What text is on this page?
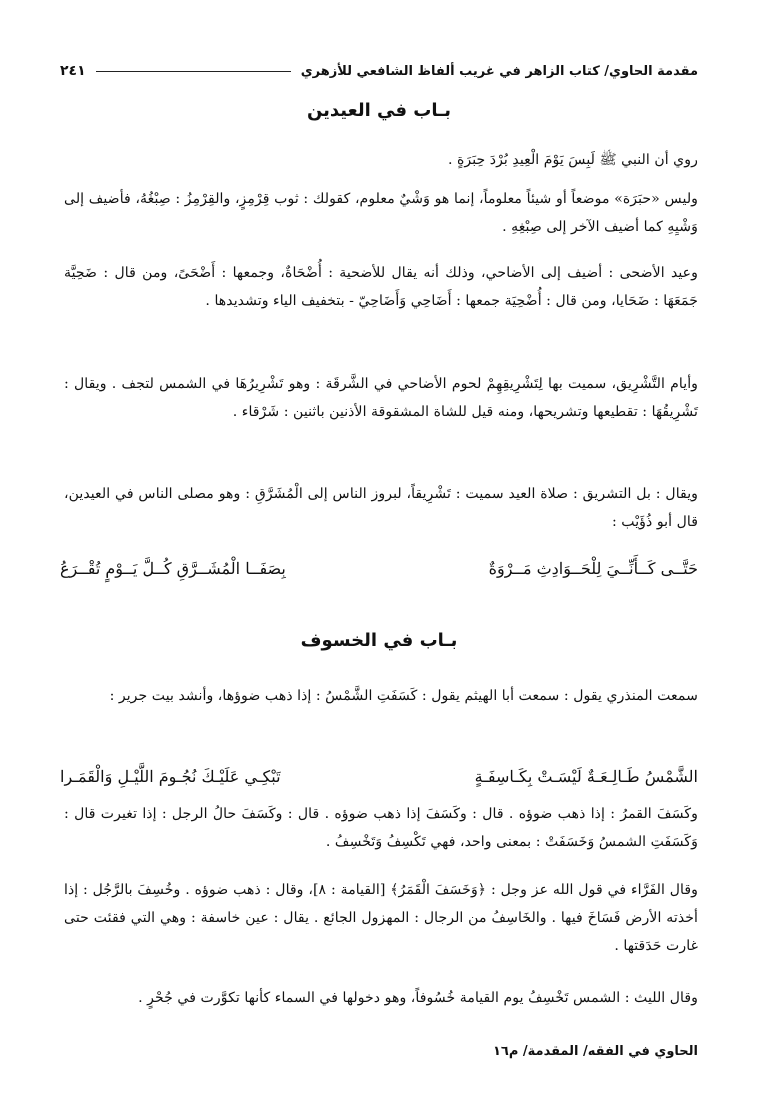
مقدمة الحاوي/ كتاب الزاهر في غريب ألفاظ الشافعي للأزهري
٢٤١
بـاب في العيدين

روي أن النبي ﷺ لَبِسَ يَوْمَ الْعِيدِ بُرْدَ حِبَرَةٍ .

وليس «حبَرَة» موضعاً أو شيئاً معلوماً، إنما هو وَشْيٌ معلوم، كقولك : ثوب قِرْمِزٍ، والقِرْمِزُ : صِبْغُهُ، فأضيف إلى وَشْيِهِ كما أضيف الآخر إلى صِبْغِهِ .

وعيد الأضحى : أضيف إلى الأضاحي، وذلك أنه يقال للأضحية : أُضْحَاةٌ، وجمعها : أَضْحَىً، ومن قال : ضَحِيَّة جَمَعَهَا : ضَحَايا، ومن قال : أُضْحِيَة جمعها : أَضَاحِي وَأَضَاحِيّ - بتخفيف الياء وتشديدها .

وأيام التَّشْرِيق، سميت بها لِتَشْرِيقِهِمْ لحوم الأضاحي في الشَّرقَة : وهو تَشْرِيرُهَا في الشمس لتجف . ويقال : تَشْرِيقُهَا : تقطيعها وتشريحها، ومنه قيل للشاة المشقوقة الأذنين باثنين : شَرْقاء .

ويقال : بل التشريق : صلاة العيد سميت : تَشْرِيقاً، لبروز الناس إلى الْمُشَرَّقِ : وهو مصلى الناس في العيدين، قال أبو ذُؤَيْب :

حَتَّــى كَــأَنِّــيَ لِلْحَــوَادِثِ مَــرْوَةٌ
بِصَفَــا الْمُشَــرَّقِ كُــلَّ يَــوْمٍ تُقْــرَعُ
بـاب في الخسوف

سمعت المنذري يقول : سمعت أبا الهيثم يقول : كَسَفَتِ الشَّمْسُ : إذا ذهب ضوؤها، وأنشد بيت جرير :

الشَّمْسُ طَـالِـعَـةٌ لَيْسَـتْ بِكَـاسِفَـةٍ
تَبْكِـي عَلَيْـكَ نُجُـومَ اللَّيْـلِ وَالْقَمَـرا

وكَسَفَ القمرُ : إذا ذهب ضوؤه . قال : وكَسَفَ إذا ذهب ضوؤه . قال : وكَسَفَ حالُ الرجل : إذا تغيرت قال : وَكَسَفَتِ الشمسُ وَخَسَفَتْ : بمعنى واحد، فهي تَكْسِفُ وَتَخْسِفُ .

وقال الفَرَّاء في قول الله عز وجل : ﴿وَخَسَفَ الْقَمَرُ﴾ [القيامة : ٨]، وقال : ذهب ضوؤه . وخُسِفَ بالرَّجُل : إذا أخذته الأرض فَسَاخَ فيها . والخَاسِفُ من الرجال : المهزول الجائع . يقال : عين خاسفة : وهي التي فقئت حتى غارت حَدَقتها .

وقال الليث : الشمس تَخْسِفُ يوم القيامة خُسُوفاً، وهو دخولها في السماء كأنها تكوَّرت في جُحْرٍ .

الحاوي في الفقه/ المقدمة/ م١٦
